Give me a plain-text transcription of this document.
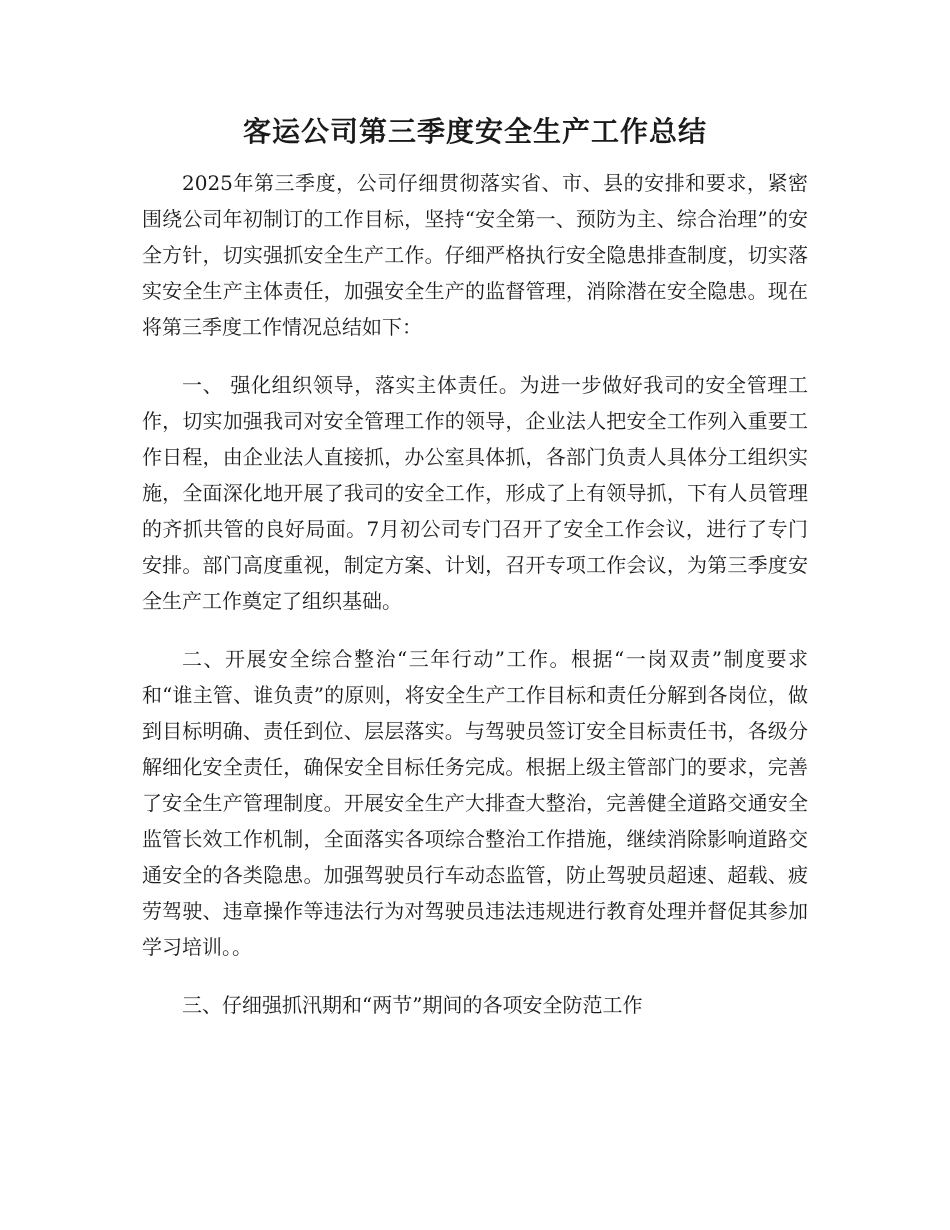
客运公司第三季度安全生产工作总结

2025年第三季度，公司仔细贯彻落实省、市、县的安排和要求，紧密围绕公司年初制订的工作目标，坚持“安全第一、预防为主、综合治理”的安全方针，切实强抓安全生产工作。仔细严格执行安全隐患排查制度，切实落实安全生产主体责任，加强安全生产的监督管理，消除潜在安全隐患。现在将第三季度工作情况总结如下：

一、 强化组织领导，落实主体责任。为进一步做好我司的安全管理工作，切实加强我司对安全管理工作的领导，企业法人把安全工作列入重要工作日程，由企业法人直接抓，办公室具体抓，各部门负责人具体分工组织实施，全面深化地开展了我司的安全工作，形成了上有领导抓，下有人员管理的齐抓共管的良好局面。7月初公司专门召开了安全工作会议，进行了专门安排。部门高度重视，制定方案、计划，召开专项工作会议，为第三季度安全生产工作奠定了组织基础。

二、开展安全综合整治“三年行动”工作。根据“一岗双责”制度要求和“谁主管、谁负责”的原则，将安全生产工作目标和责任分解到各岗位，做到目标明确、责任到位、层层落实。与驾驶员签订安全目标责任书，各级分解细化安全责任，确保安全目标任务完成。根据上级主管部门的要求，完善了安全生产管理制度。开展安全生产大排查大整治，完善健全道路交通安全监管长效工作机制，全面落实各项综合整治工作措施，继续消除影响道路交通安全的各类隐患。加强驾驶员行车动态监管，防止驾驶员超速、超载、疲劳驾驶、违章操作等违法行为对驾驶员违法违规进行教育处理并督促其参加学习培训。。

三、仔细强抓汛期和“两节”期间的各项安全防范工作
